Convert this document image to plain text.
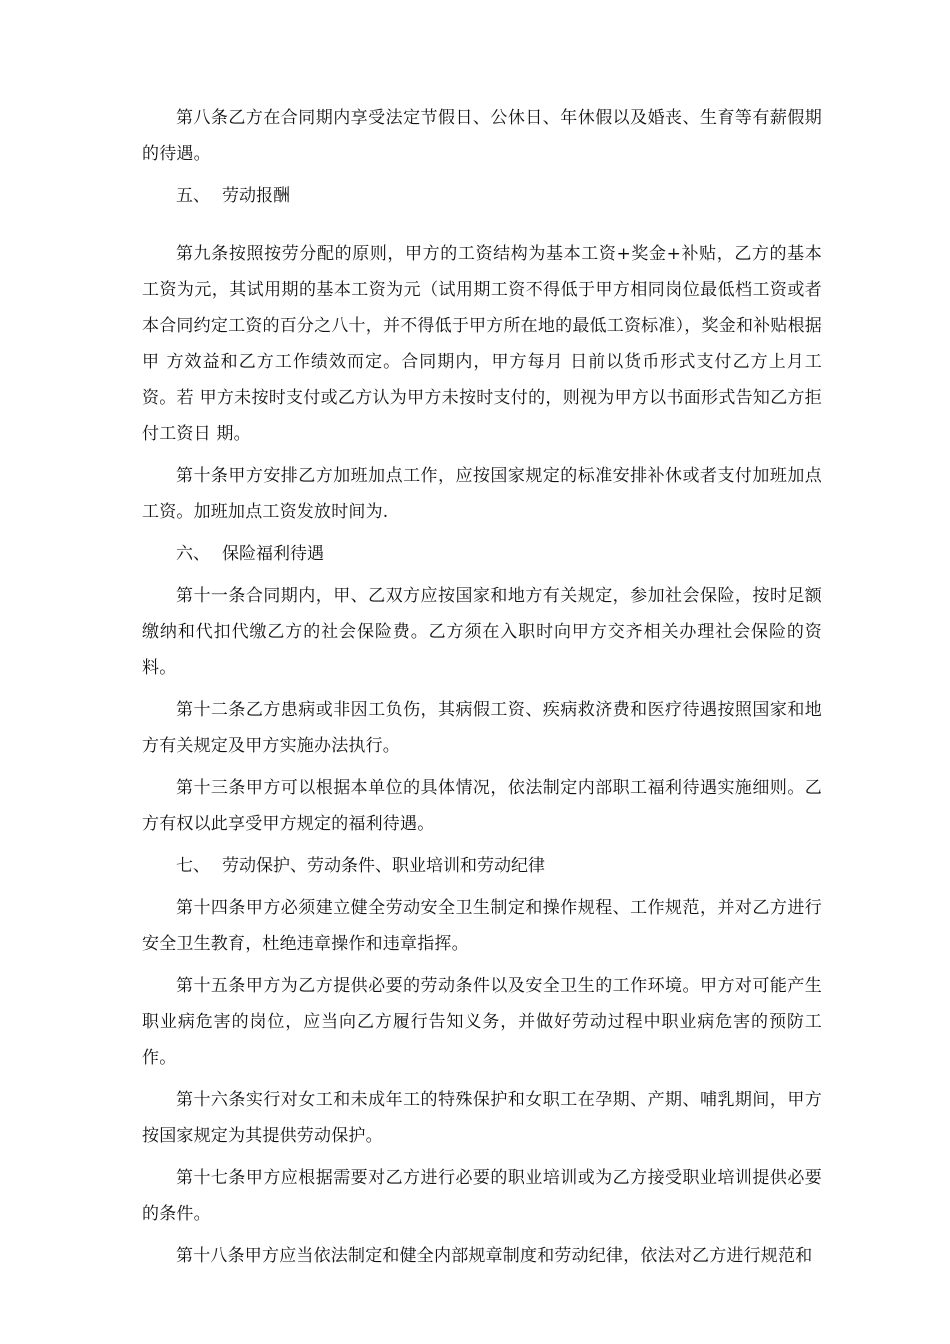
第八条乙方在合同期内享受法定节假日、公休日、年休假以及婚丧、生育等有薪假期的待遇。

五、 劳动报酬

第九条按照按劳分配的原则，甲方的工资结构为基本工资+奖金+补贴，乙方的基本工资为元，其试用期的基本工资为元（试用期工资不得低于甲方相同岗位最低档工资或者本合同约定工资的百分之八十，并不得低于甲方所在地的最低工资标准），奖金和补贴根据甲 方效益和乙方工作绩效而定。合同期内，甲方每月 日前以货币形式支付乙方上月工资。若 甲方未按时支付或乙方认为甲方未按时支付的，则视为甲方以书面形式告知乙方拒付工资日 期。

第十条甲方安排乙方加班加点工作，应按国家规定的标准安排补休或者支付加班加点工资。加班加点工资发放时间为.

六、 保险福利待遇

第十一条合同期内，甲、乙双方应按国家和地方有关规定，参加社会保险，按时足额缴纳和代扣代缴乙方的社会保险费。乙方须在入职时向甲方交齐相关办理社会保险的资料。

第十二条乙方患病或非因工负伤，其病假工资、疾病救济费和医疗待遇按照国家和地方有关规定及甲方实施办法执行。

第十三条甲方可以根据本单位的具体情况，依法制定内部职工福利待遇实施细则。乙方有权以此享受甲方规定的福利待遇。

七、 劳动保护、劳动条件、职业培训和劳动纪律

第十四条甲方必须建立健全劳动安全卫生制定和操作规程、工作规范，并对乙方进行安全卫生教育，杜绝违章操作和违章指挥。

第十五条甲方为乙方提供必要的劳动条件以及安全卫生的工作环境。甲方对可能产生职业病危害的岗位，应当向乙方履行告知义务，并做好劳动过程中职业病危害的预防工作。

第十六条实行对女工和未成年工的特殊保护和女职工在孕期、产期、哺乳期间，甲方按国家规定为其提供劳动保护。

第十七条甲方应根据需要对乙方进行必要的职业培训或为乙方接受职业培训提供必要的条件。

第十八条甲方应当依法制定和健全内部规章制度和劳动纪律，依法对乙方进行规范和
